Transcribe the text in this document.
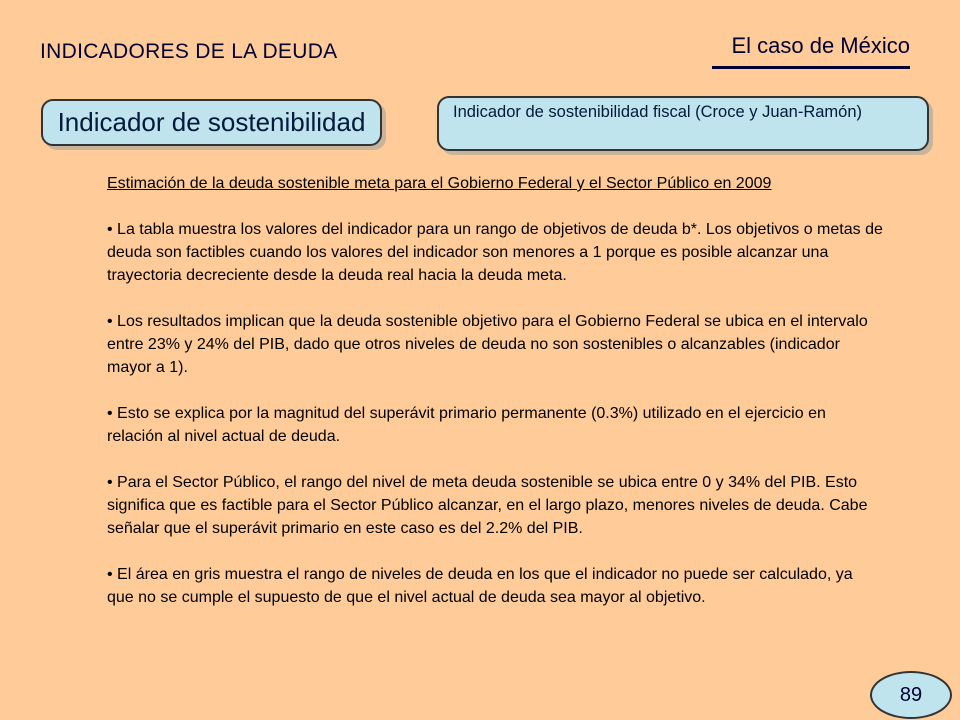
INDICADORES DE LA DEUDA	El caso de México
Indicador de sostenibilidad	Indicador de sostenibilidad fiscal (Croce y Juan-Ramón)
Estimación de la deuda sostenible meta para el Gobierno Federal y el Sector Público en 2009

• La tabla muestra los valores del indicador para un rango de objetivos de deuda b*. Los objetivos o metas de deuda son factibles cuando los valores del indicador son menores a 1 porque es posible alcanzar una trayectoria decreciente desde la deuda real hacia la deuda meta.

• Los resultados implican que la deuda sostenible objetivo para el Gobierno Federal se ubica en el intervalo entre 23% y 24% del PIB, dado que otros niveles de deuda no son sostenibles o alcanzables (indicador mayor a 1).

• Esto se explica por la magnitud del superávit primario permanente (0.3%) utilizado en el ejercicio en relación al nivel actual de deuda.

• Para el Sector Público, el rango del nivel de meta deuda sostenible se ubica entre 0 y 34% del PIB. Esto significa que es factible para el Sector Público alcanzar, en el largo plazo, menores niveles de deuda. Cabe señalar que el superávit primario en este caso es del 2.2% del PIB.

• El área en gris muestra el rango de niveles de deuda en los que el indicador no puede ser calculado, ya que no se cumple el supuesto de que el nivel actual de deuda sea mayor al objetivo.

89
